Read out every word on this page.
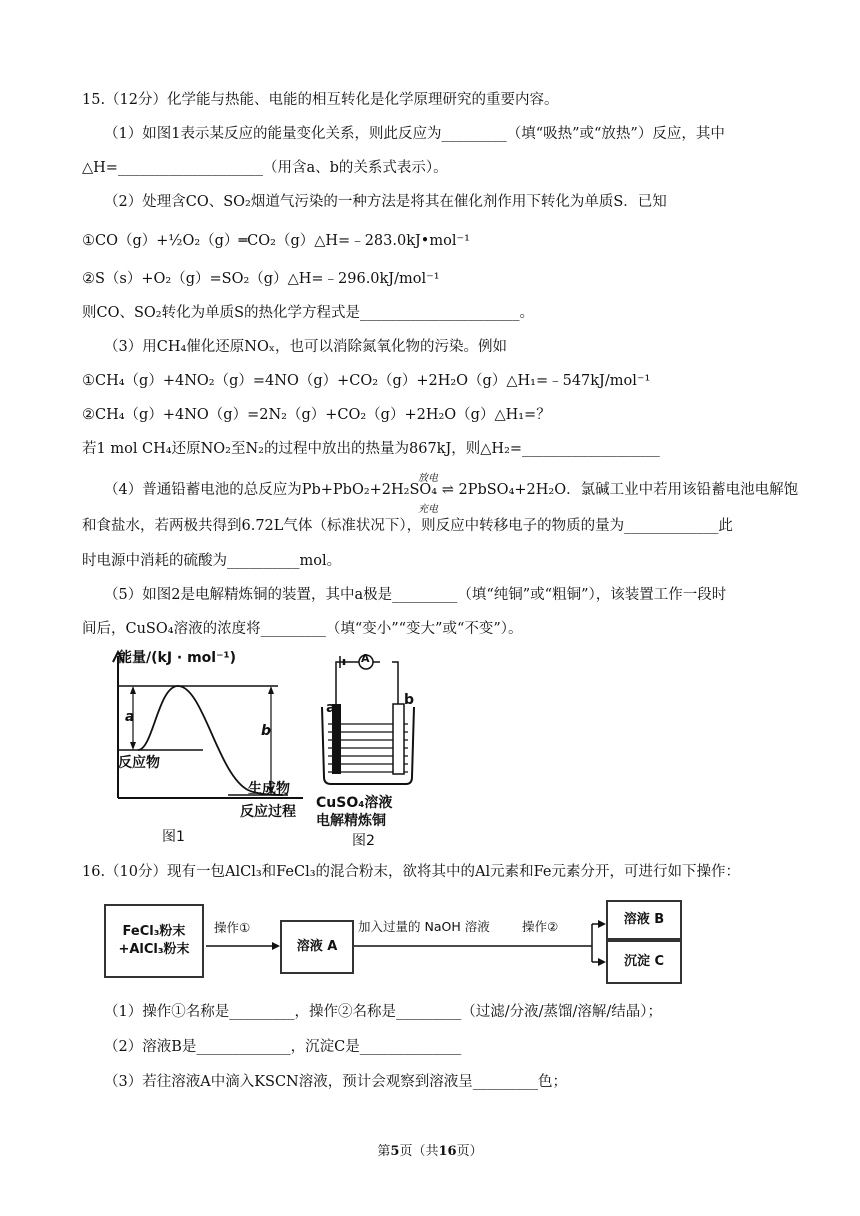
15.（12分）化学能与热能、电能的相互转化是化学原理研究的重要内容。
（1）如图1表示某反应的能量变化关系，则此反应为_________（填“吸热”或“放热”）反应，其中
△H=____________________（用含a、b的关系式表示）。
（2）处理含CO、SO₂烟道气污染的一种方法是将其在催化剂作用下转化为单质S．已知
①CO（g）+½O₂（g）═CO₂（g）△H=﹣283.0kJ•mol⁻¹
②S（s）+O₂（g）=SO₂（g）△H=﹣296.0kJ/mol⁻¹
则CO、SO₂转化为单质S的热化学方程式是______________________。
（3）用CH₄催化还原NOₓ，也可以消除氮氧化物的污染。例如
①CH₄（g）+4NO₂（g）=4NO（g）+CO₂（g）+2H₂O（g）△H₁=﹣547kJ/mol⁻¹
②CH₄（g）+4NO（g）=2N₂（g）+CO₂（g）+2H₂O（g）△H₁=？
若1 mol CH₄还原NO₂至N₂的过程中放出的热量为867kJ，则△H₂=___________________
放电
（4）普通铅蓄电池的总反应为Pb+PbO₂+2H₂SO₄ ⇌ 2PbSO₄+2H₂O．氯碱工业中若用该铅蓄电池电解饱
充电
和食盐水，若两极共得到6.72L气体（标准状况下），则反应中转移电子的物质的量为_____________此
时电源中消耗的硫酸为__________mol。
（5）如图2是电解精炼铜的装置，其中a极是_________（填“纯铜”或“粗铜”），该装置工作一段时
间后，CuSO₄溶液的浓度将_________（填“变小”“变大”或“不变”）。
能量/(kJ · mol⁻¹)
a
b
反应物
生成物
反应过程
图1
A
a	b
CuSO₄溶液
电解精炼铜
图2
16.（10分）现有一包AlCl₃和FeCl₃的混合粉末，欲将其中的Al元素和Fe元素分开，可进行如下操作：
FeCl₃粉末
+AlCl₃粉末
操作①
溶液 A
加入过量的 NaOH 溶液	操作②	溶液 B
沉淀 C
（1）操作①名称是_________，操作②名称是_________（过滤/分液/蒸馏/溶解/结晶）；
（2）溶液B是_____________，沉淀C是______________
（3）若往溶液A中滴入KSCN溶液，预计会观察到溶液呈_________色；
第5页（共16页）
